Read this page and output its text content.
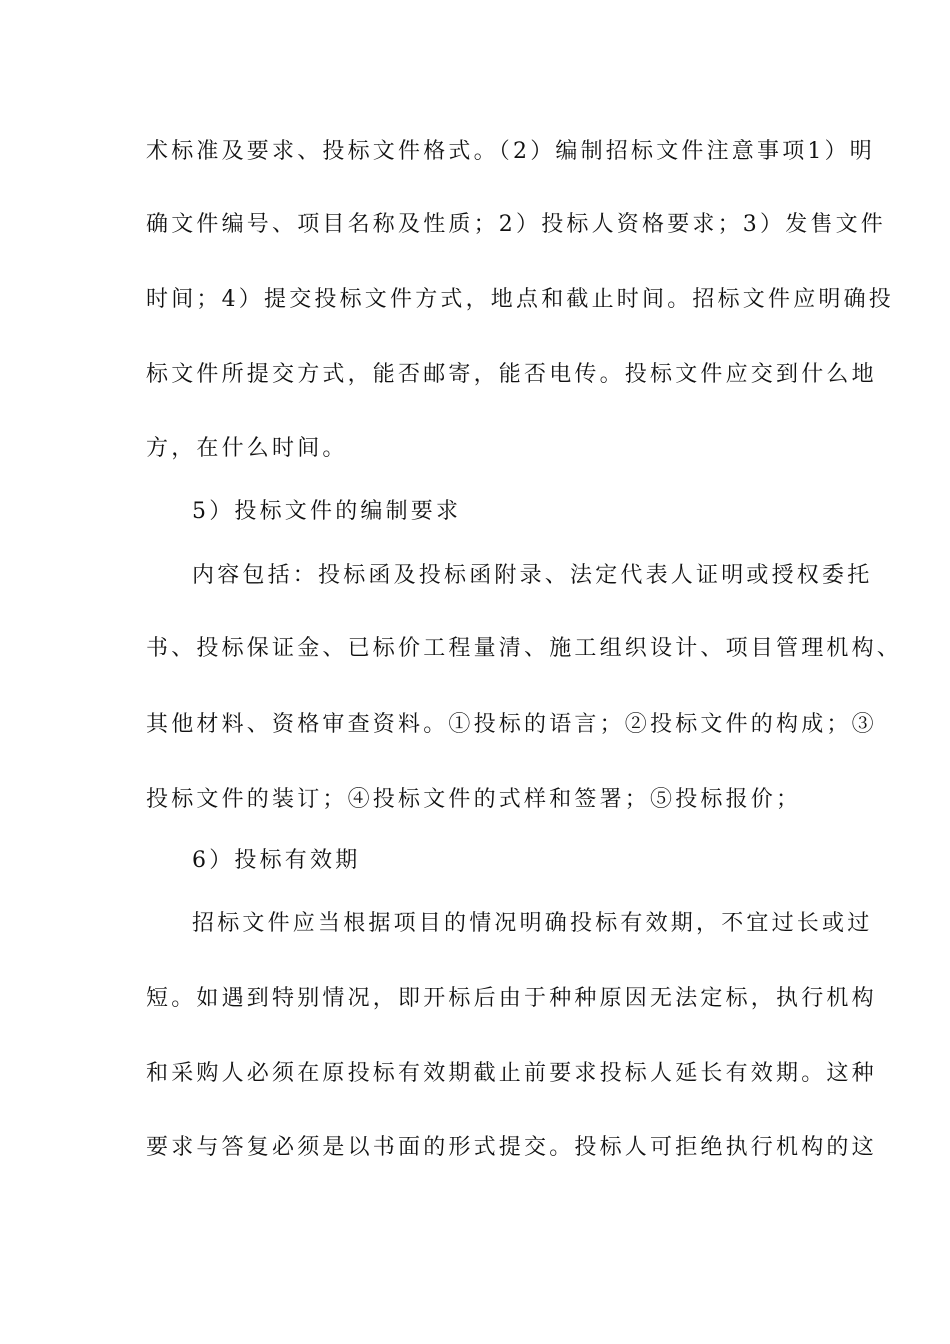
术标准及要求、投标文件格式。（2）编制招标文件注意事项1）明
确文件编号、项目名称及性质；2）投标人资格要求；3）发售文件
时间；4）提交投标文件方式，地点和截止时间。招标文件应明确投
标文件所提交方式，能否邮寄，能否电传。投标文件应交到什么地
方，在什么时间。
5）投标文件的编制要求
内容包括：投标函及投标函附录、法定代表人证明或授权委托
书、投标保证金、已标价工程量清、施工组织设计、项目管理机构、
其他材料、资格审查资料。①投标的语言；②投标文件的构成；③
投标文件的装订；④投标文件的式样和签署；⑤投标报价；
6）投标有效期
招标文件应当根据项目的情况明确投标有效期，不宜过长或过
短。如遇到特别情况，即开标后由于种种原因无法定标，执行机构
和采购人必须在原投标有效期截止前要求投标人延长有效期。这种
要求与答复必须是以书面的形式提交。投标人可拒绝执行机构的这
